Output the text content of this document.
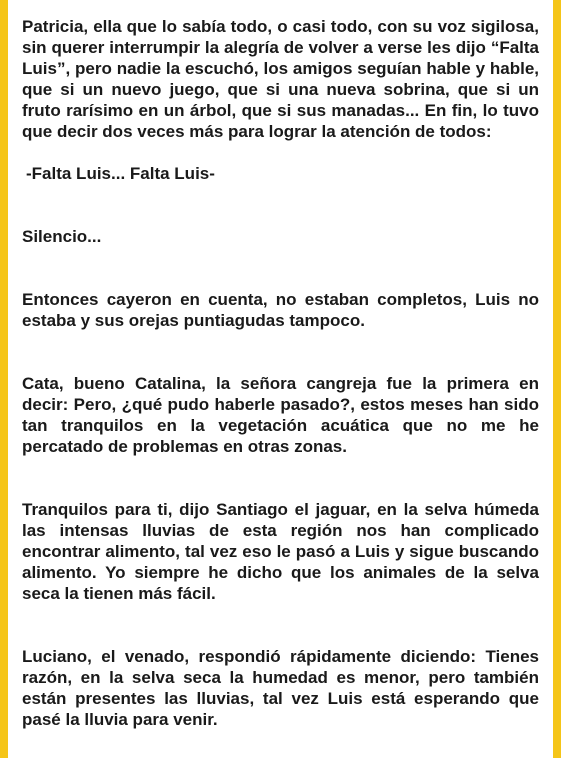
Patricia, ella que lo sabía todo, o casi todo, con su voz sigilosa, sin querer interrumpir la alegría de volver a verse les dijo “Falta Luis”, pero nadie la escuchó, los amigos seguían hable y hable, que si un nuevo juego, que si una nueva sobrina, que si un fruto rarísimo en un árbol, que si sus manadas... En fin, lo tuvo que decir dos veces más para lograr la atención de todos:

-Falta Luis... Falta Luis-

Silencio...

Entonces cayeron en cuenta, no estaban completos, Luis no estaba y sus orejas puntiagudas tampoco.

Cata, bueno Catalina, la señora cangreja fue la primera en decir: Pero, ¿qué pudo haberle pasado?, estos meses han sido tan tranquilos en la vegetación acuática que no me he percatado de problemas en otras zonas.

Tranquilos para ti, dijo Santiago el jaguar, en la selva húmeda las intensas lluvias de esta región nos han complicado encontrar alimento, tal vez eso le pasó a Luis y sigue buscando alimento. Yo siempre he dicho que los animales de la selva seca la tienen más fácil.

Luciano, el venado, respondió rápidamente diciendo: Tienes razón, en la selva seca la humedad es menor, pero también están presentes las lluvias, tal vez Luis está esperando que pasé la lluvia para venir.
